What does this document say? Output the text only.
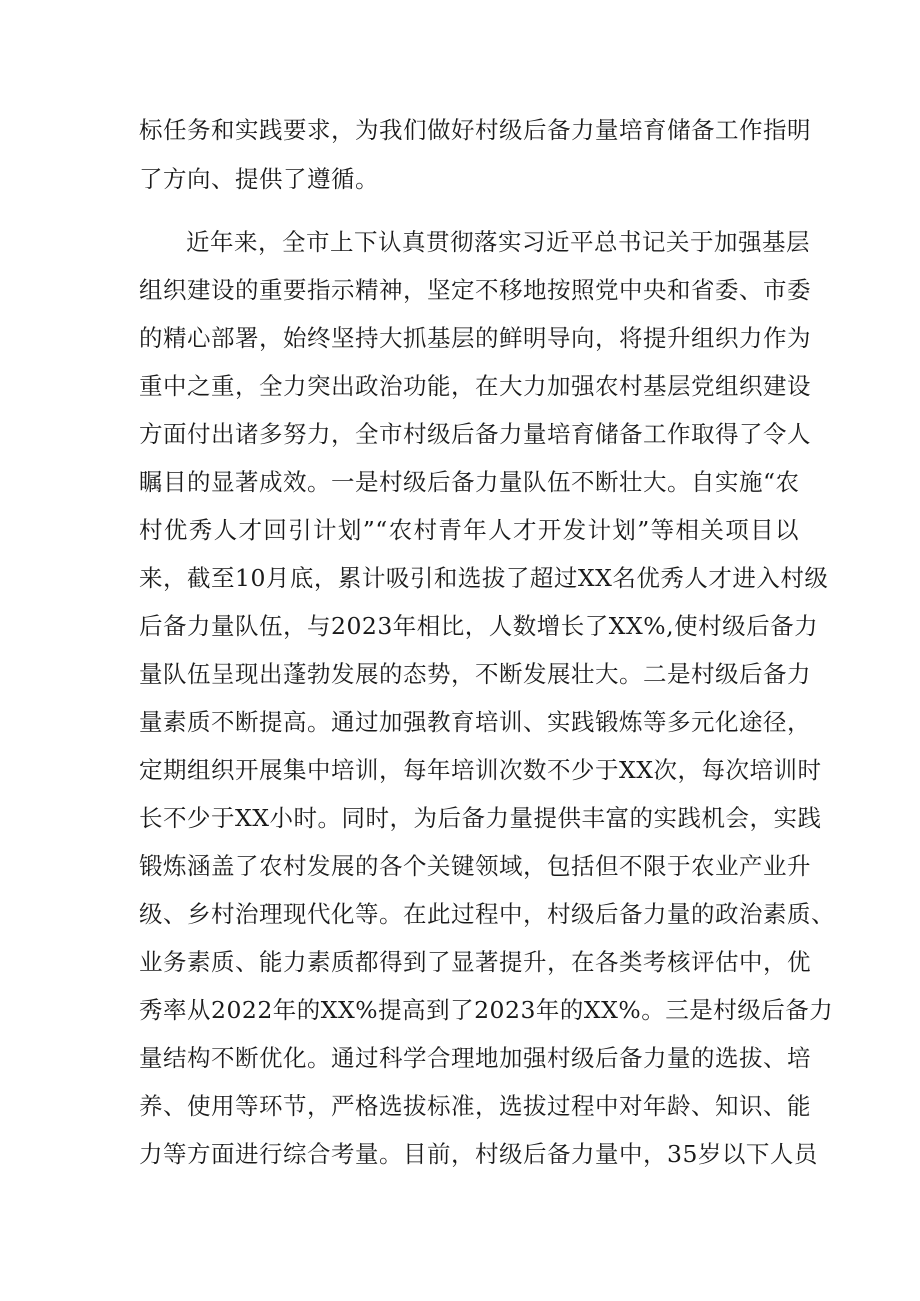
标任务和实践要求，为我们做好村级后备力量培育储备工作指明
了方向、提供了遵循。
近年来，全市上下认真贯彻落实习近平总书记关于加强基层
组织建设的重要指示精神，坚定不移地按照党中央和省委、市委
的精心部署，始终坚持大抓基层的鲜明导向，将提升组织力作为
重中之重，全力突出政治功能，在大力加强农村基层党组织建设
方面付出诸多努力，全市村级后备力量培育储备工作取得了令人
瞩目的显著成效。一是村级后备力量队伍不断壮大。自实施“农
村优秀人才回引计划”“农村青年人才开发计划”等相关项目以
来，截至10月底，累计吸引和选拔了超过XX名优秀人才进入村级
后备力量队伍，与2023年相比，人数增长了XX%,使村级后备力
量队伍呈现出蓬勃发展的态势，不断发展壮大。二是村级后备力
量素质不断提高。通过加强教育培训、实践锻炼等多元化途径，
定期组织开展集中培训，每年培训次数不少于XX次，每次培训时
长不少于XX小时。同时，为后备力量提供丰富的实践机会，实践
锻炼涵盖了农村发展的各个关键领域，包括但不限于农业产业升
级、乡村治理现代化等。在此过程中，村级后备力量的政治素质、
业务素质、能力素质都得到了显著提升，在各类考核评估中，优
秀率从2022年的XX%提高到了2023年的XX%。三是村级后备力
量结构不断优化。通过科学合理地加强村级后备力量的选拔、培
养、使用等环节，严格选拔标准，选拔过程中对年龄、知识、能
力等方面进行综合考量。目前，村级后备力量中，35岁以下人员
